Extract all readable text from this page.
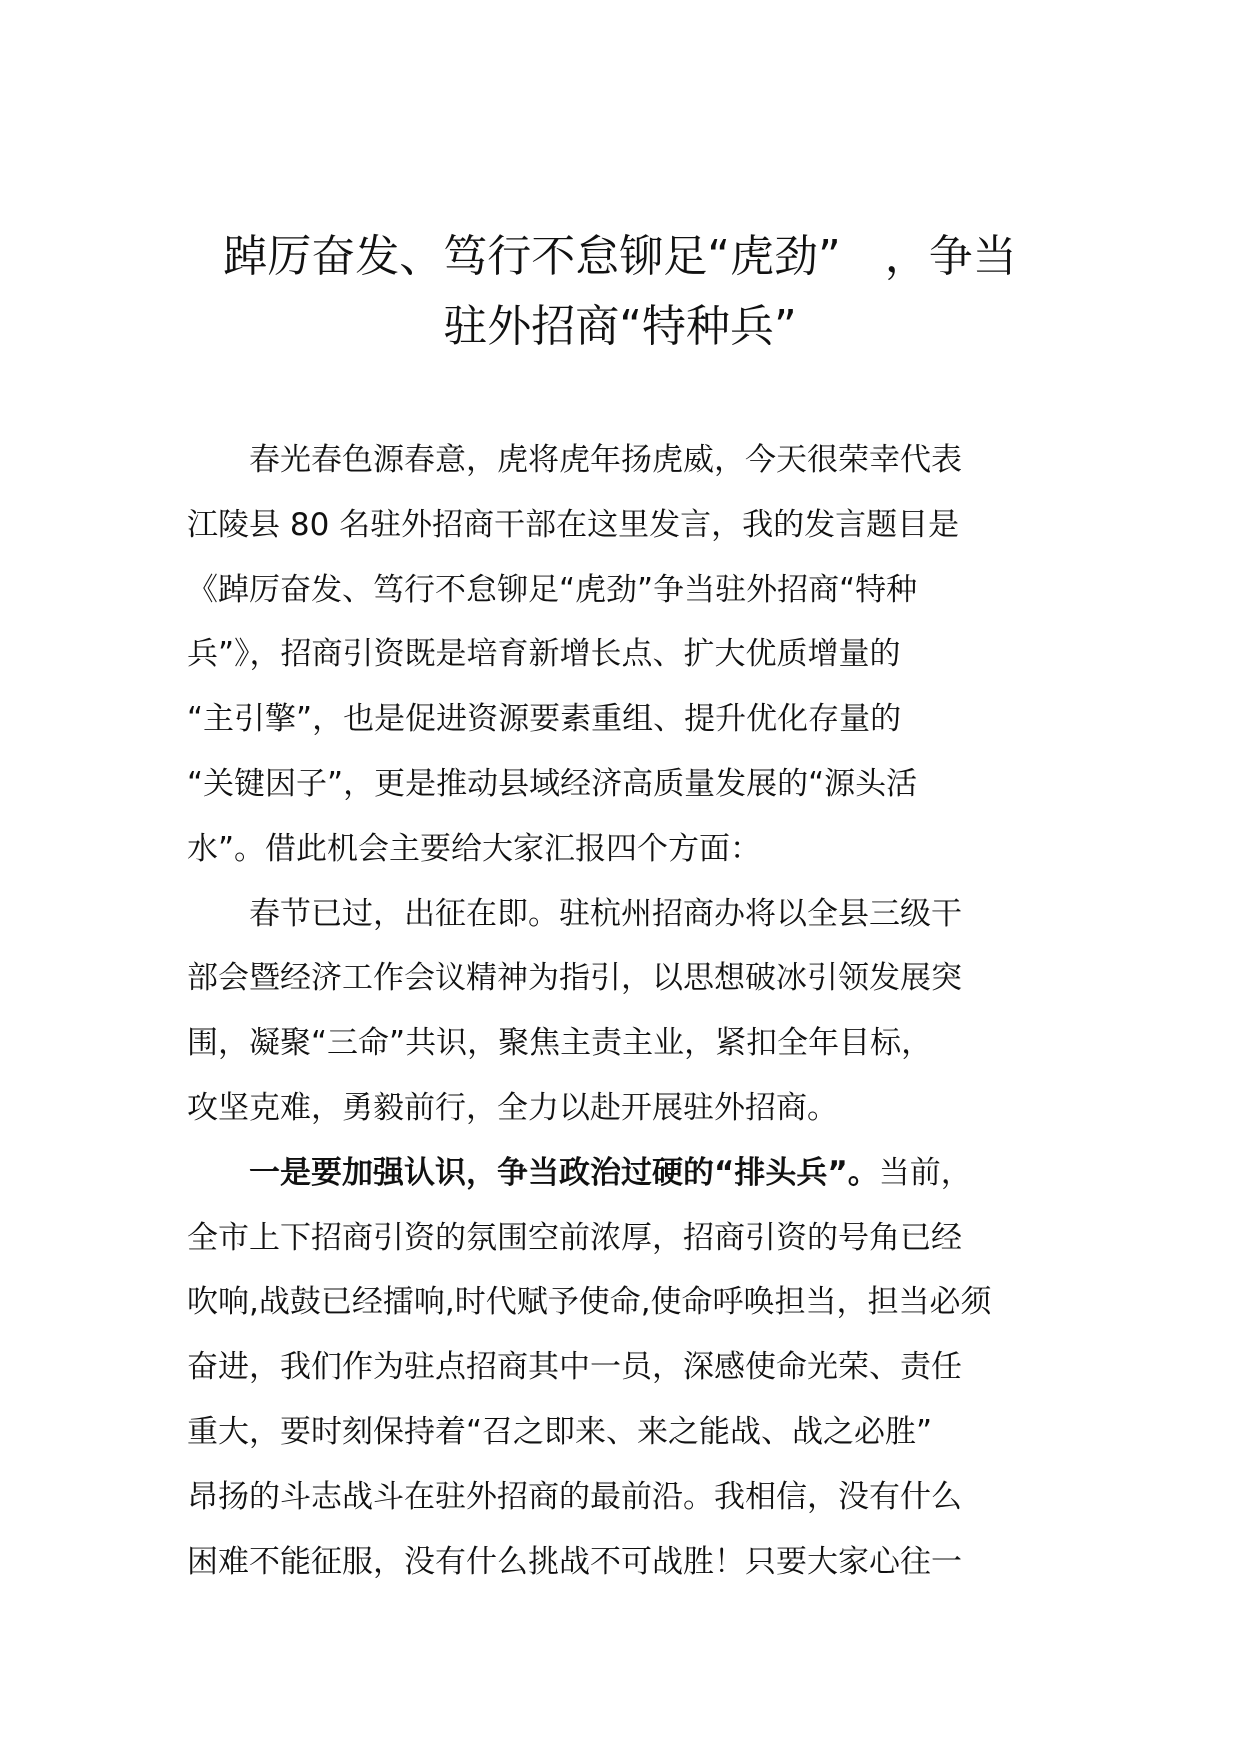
踔厉奋发、笃行不怠铆足“虎劲”　，争当
驻外招商“特种兵”

春光春色源春意，虎将虎年扬虎威，今天很荣幸代表
江陵县 80 名驻外招商干部在这里发言，我的发言题目是
《踔厉奋发、笃行不怠铆足“虎劲”争当驻外招商“特种
兵”》，招商引资既是培育新增长点、扩大优质增量的
“主引擎”，也是促进资源要素重组、提升优化存量的
“关键因子”，更是推动县域经济高质量发展的“源头活
水”。借此机会主要给大家汇报四个方面：

春节已过，出征在即。驻杭州招商办将以全县三级干
部会暨经济工作会议精神为指引，以思想破冰引领发展突
围，凝聚“三命”共识，聚焦主责主业，紧扣全年目标，
攻坚克难，勇毅前行，全力以赴开展驻外招商。

一是要加强认识，争当政治过硬的“排头兵”。当前，
全市上下招商引资的氛围空前浓厚，招商引资的号角已经
吹响,战鼓已经擂响,时代赋予使命,使命呼唤担当，担当必须
奋进，我们作为驻点招商其中一员，深感使命光荣、责任
重大，要时刻保持着“召之即来、来之能战、战之必胜”
昂扬的斗志战斗在驻外招商的最前沿。我相信，没有什么
困难不能征服，没有什么挑战不可战胜！只要大家心往一
